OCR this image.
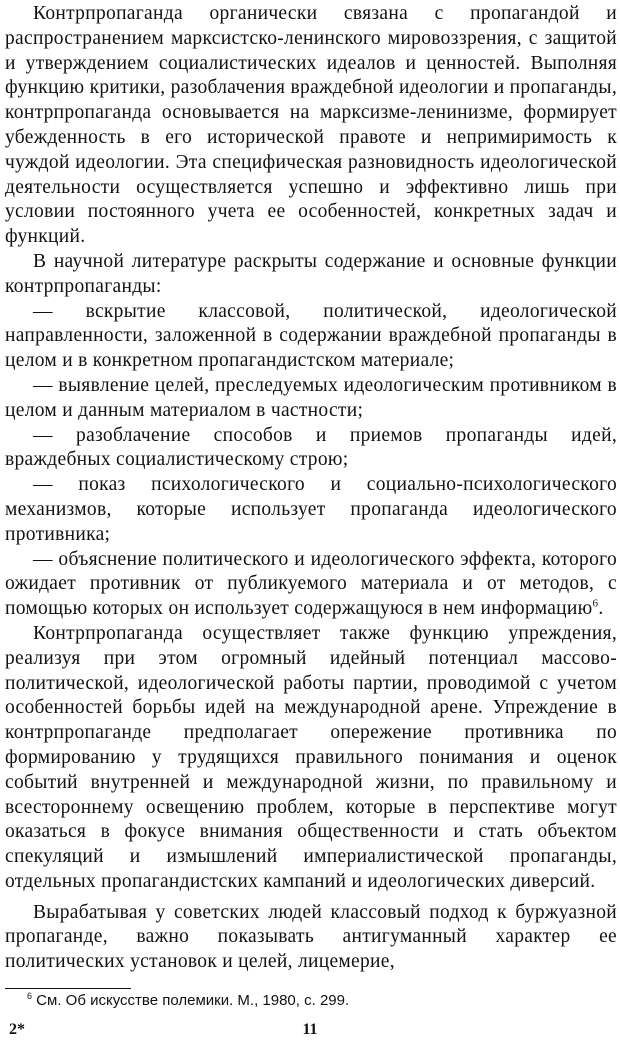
Контрпропаганда органически связана с пропагандой и распространением марксистско-ленинского мировоззрения, с защитой и утверждением социалистических идеалов и ценностей. Выполняя функцию критики, разоблачения враждебной идеологии и пропаганды, контрпропаганда основывается на марксизме-ленинизме, формирует убежденность в его исторической правоте и непримиримость к чуждой идеологии. Эта специфическая разновидность идеологической деятельности осуществляется успешно и эффективно лишь при условии постоянного учета ее особенностей, конкретных задач и функций.

В научной литературе раскрыты содержание и основные функции контрпропаганды:

— вскрытие классовой, политической, идеологической направленности, заложенной в содержании враждебной пропаганды в целом и в конкретном пропагандистском материале;

— выявление целей, преследуемых идеологическим противником в целом и данным материалом в частности;

— разоблачение способов и приемов пропаганды идей, враждебных социалистическому строю;

— показ психологического и социально-психологического механизмов, которые использует пропаганда идеологического противника;

— объяснение политического и идеологического эффекта, которого ожидает противник от публикуемого материала и от методов, с помощью которых он использует содержащуюся в нем информацию$^6$.

Контрпропаганда осуществляет также функцию упреждения, реализуя при этом огромный идейный потенциал массово-политической, идеологической работы партии, проводимой с учетом особенностей борьбы идей на международной арене. Упреждение в контрпропаганде предполагает опережение противника по формированию у трудящихся правильного понимания и оценок событий внутренней и международной жизни, по правильному и всестороннему освещению проблем, которые в перспективе могут оказаться в фокусе внимания общественности и стать объектом спекуляций и измышлений империалистической пропаганды, отдельных пропагандистских кампаний и идеологических диверсий.

Вырабатывая у советских людей классовый подход к буржуазной пропаганде, важно показывать антигуманный характер ее политических установок и целей, лицемерие,

$^6$ См. Об искусстве полемики. М., 1980, с. 299.
2*	11
